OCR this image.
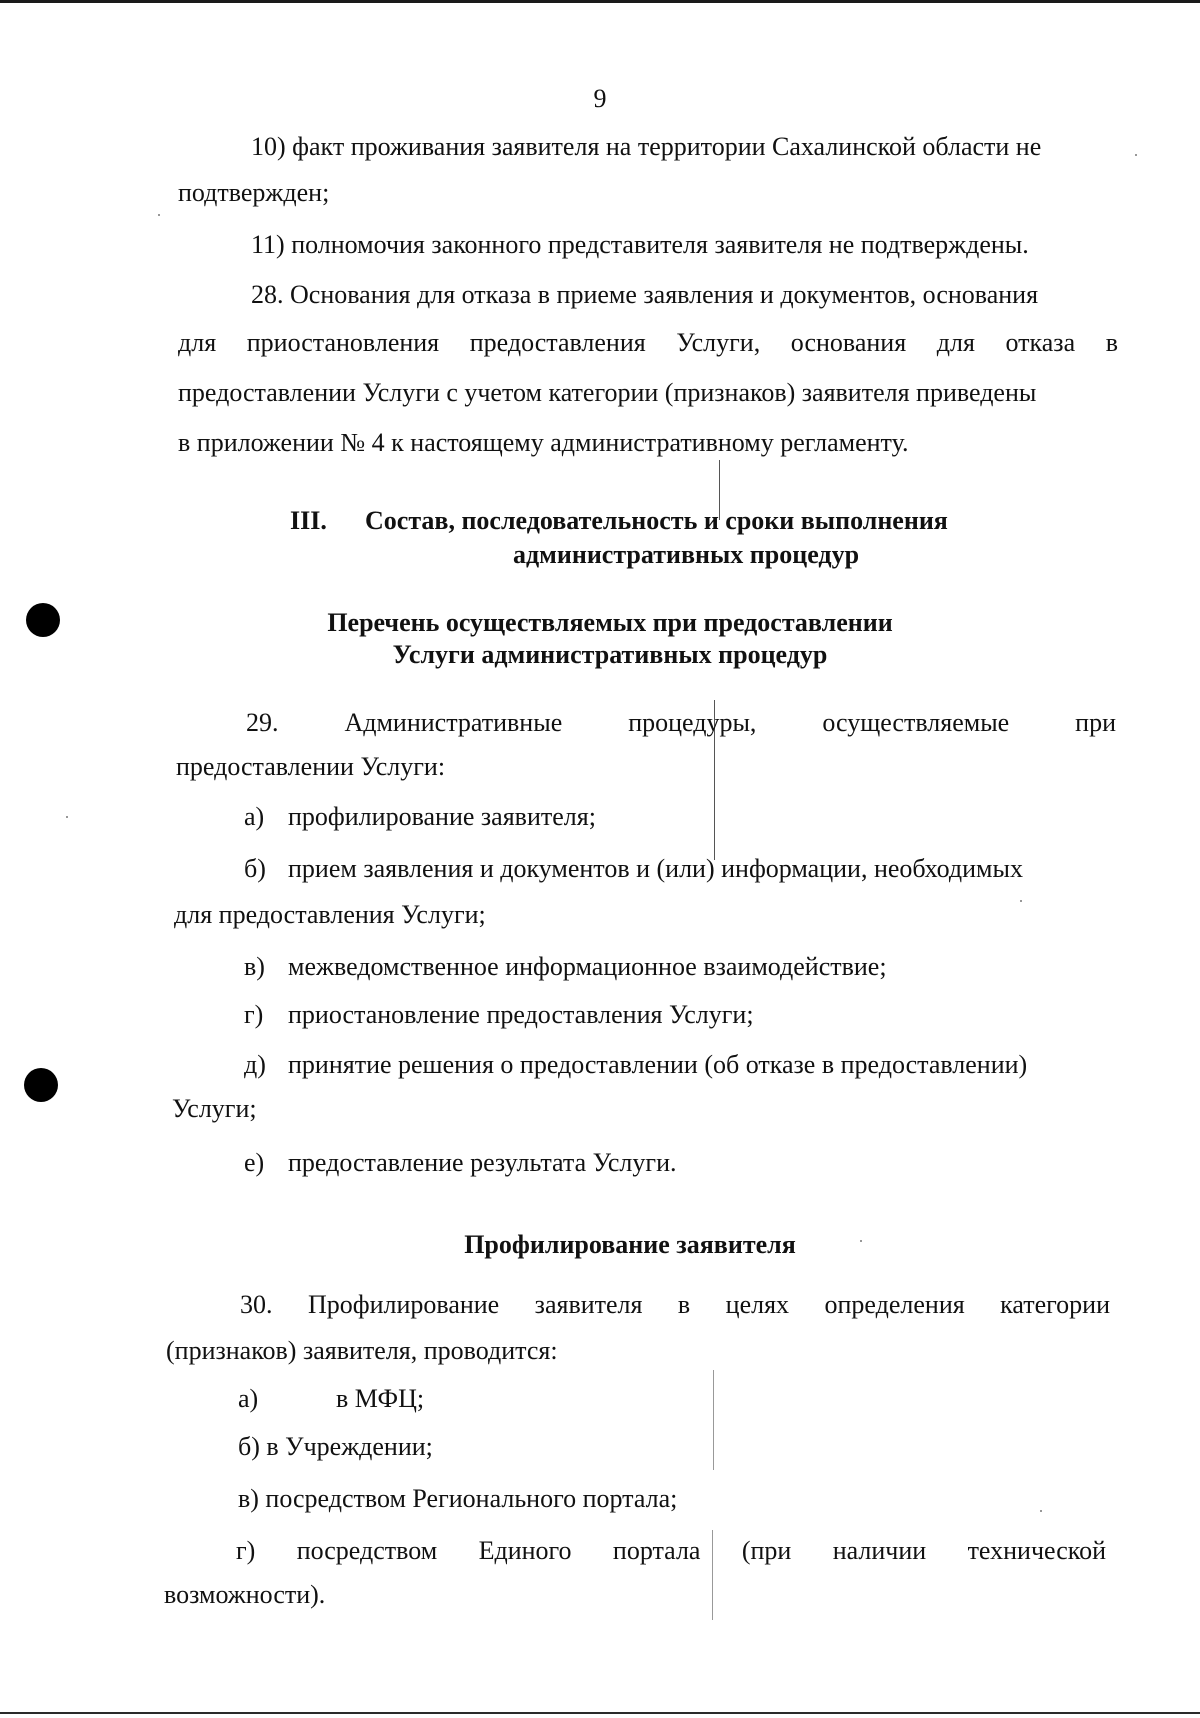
9
10) факт проживания заявителя на территории Сахалинской области не
подтвержден;
11) полномочия законного представителя заявителя не подтверждены.
28. Основания для отказа в приеме заявления и документов, основания
для приостановления предоставления Услуги, основания для отказа в
предоставлении Услуги с учетом категории (признаков) заявителя приведены
в приложении № 4 к настоящему административному регламенту.
III. Состав, последовательность и сроки выполнения
административных процедур
Перечень осуществляемых при предоставлении
Услуги административных процедур
29. Административные процедуры, осуществляемые при
предоставлении Услуги:
а) профилирование заявителя;
б) прием заявления и документов и (или) информации, необходимых
для предоставления Услуги;
в) межведомственное информационное взаимодействие;
г) приостановление предоставления Услуги;
д) принятие решения о предоставлении (об отказе в предоставлении)
Услуги;
е) предоставление результата Услуги.
Профилирование заявителя
30. Профилирование заявителя в целях определения категории
(признаков) заявителя, проводится:
а)	в МФЦ;
б) в Учреждении;
в) посредством Регионального портала;
г) посредством Единого портала (при наличии технической
возможности).
